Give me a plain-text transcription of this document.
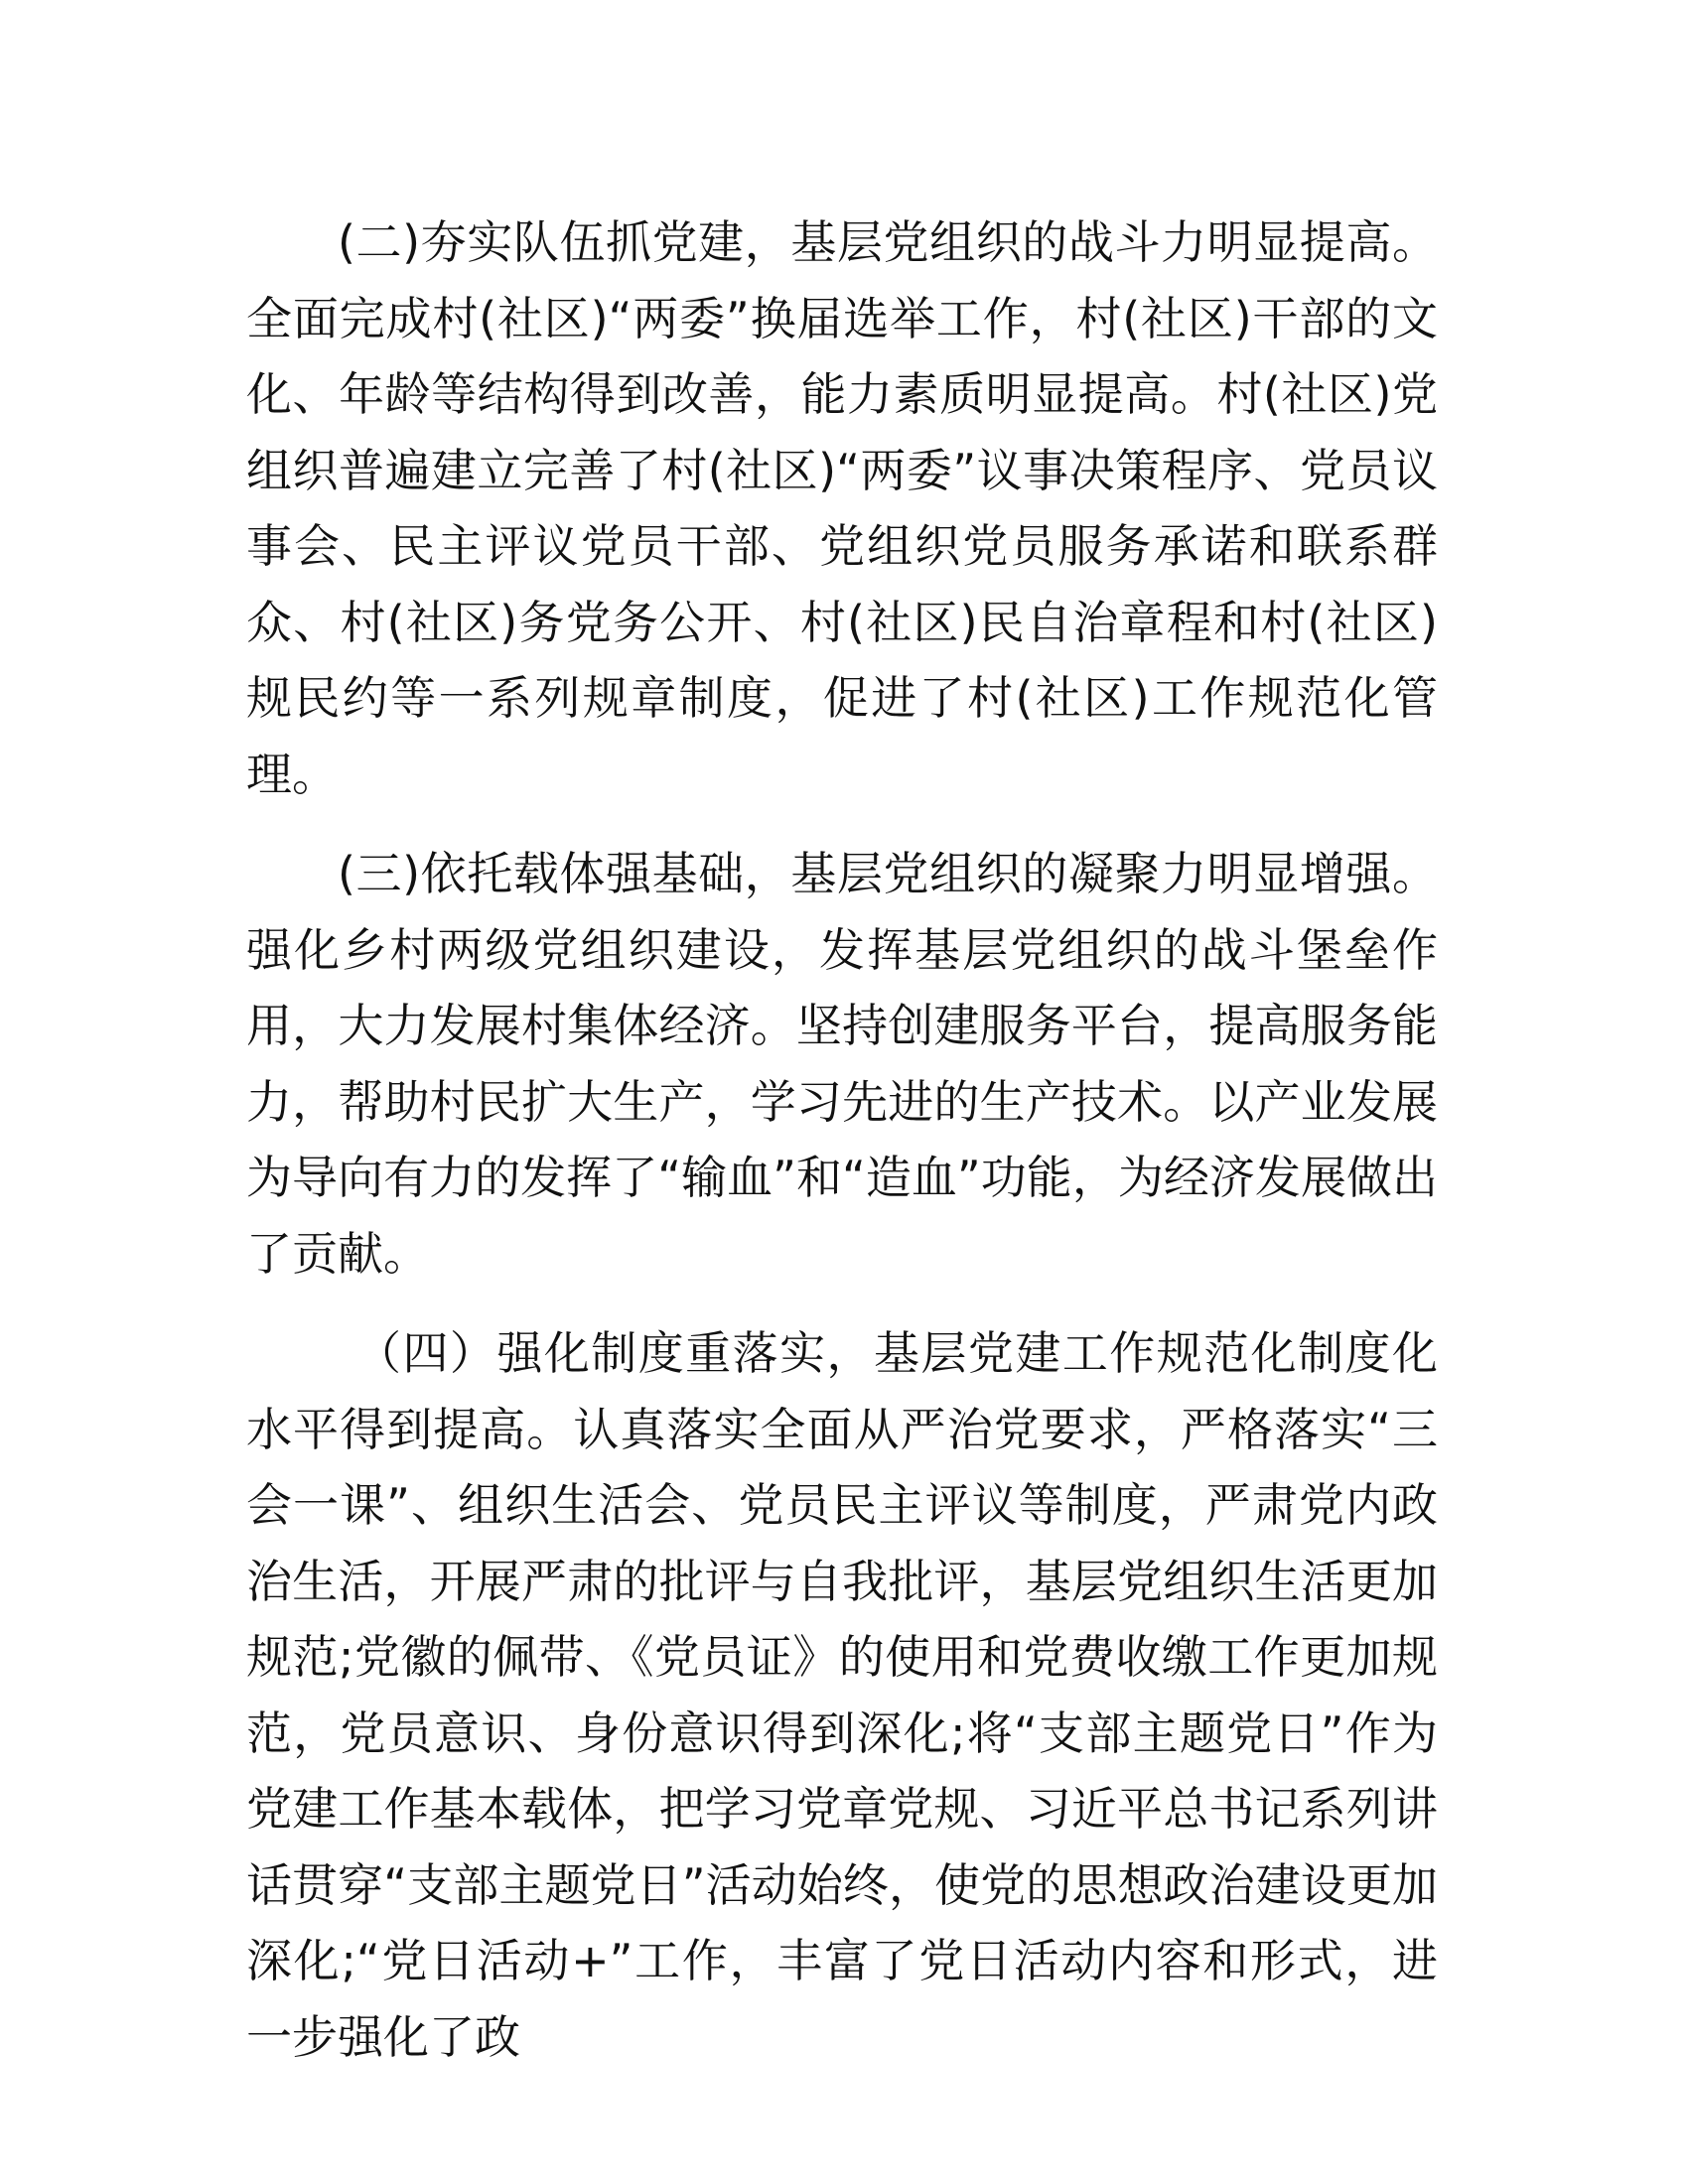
(二)夯实队伍抓党建，基层党组织的战斗力明显提高。全面完成村(社区)“两委”换届选举工作，村(社区)干部的文化、年龄等结构得到改善，能力素质明显提高。村(社区)党组织普遍建立完善了村(社区)“两委”议事决策程序、党员议事会、民主评议党员干部、党组织党员服务承诺和联系群众、村(社区)务党务公开、村(社区)民自治章程和村(社区)规民约等一系列规章制度，促进了村(社区)工作规范化管理。

(三)依托载体强基础，基层党组织的凝聚力明显增强。强化乡村两级党组织建设，发挥基层党组织的战斗堡垒作用，大力发展村集体经济。坚持创建服务平台，提高服务能力，帮助村民扩大生产，学习先进的生产技术。以产业发展为导向有力的发挥了“输血”和“造血”功能，为经济发展做出了贡献。

（四）强化制度重落实，基层党建工作规范化制度化水平得到提高。认真落实全面从严治党要求，严格落实“三会一课”、组织生活会、党员民主评议等制度，严肃党内政治生活，开展严肃的批评与自我批评，基层党组织生活更加规范;党徽的佩带、《党员证》的使用和党费收缴工作更加规范，党员意识、身份意识得到深化;将“支部主题党日”作为党建工作基本载体，把学习党章党规、习近平总书记系列讲话贯穿“支部主题党日”活动始终，使党的思想政治建设更加深化;“党日活动+”工作，丰富了党日活动内容和形式，进一步强化了政
